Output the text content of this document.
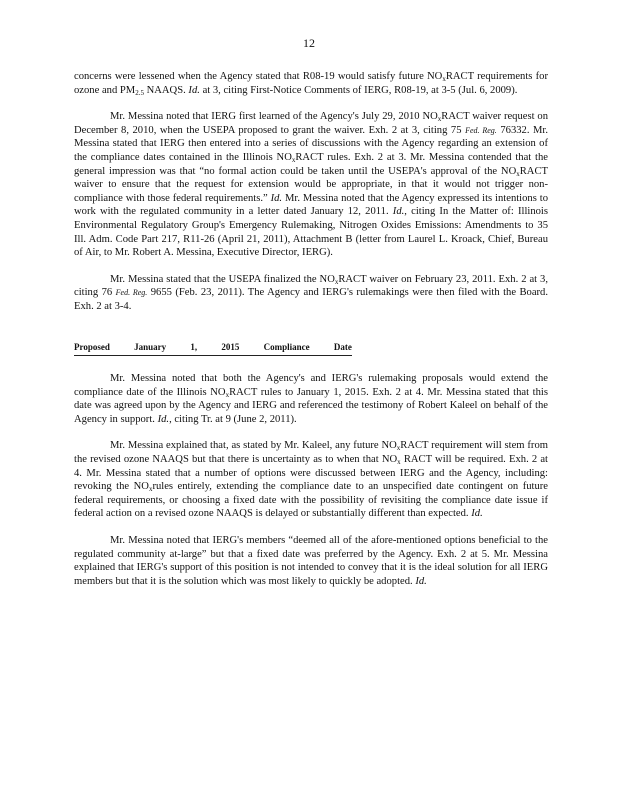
12

concerns were lessened when the Agency stated that R08-19 would satisfy future $NO_xRACT$ requirements for ozone and $PM_{2.5}$ NAAQS. Id. at 3, citing First-Notice Comments of IERG, R08-19, at 3-5 (Jul. 6, 2009).

Mr. Messina noted that IERG first learned of the Agency's July 29, 2010 $NO_xRACT$ waiver request on December 8, 2010, when the USEPA proposed to grant the waiver. Exh. 2 at 3, citing 75 Fed. Reg. 76332. Mr. Messina stated that IERG then entered into a series of discussions with the Agency regarding an extension of the compliance dates contained in the Illinois $NO_xRACT$ rules. Exh. 2 at 3. Mr. Messina contended that the general impression was that “no formal action could be taken until the USEPA's approval of the $NO_xRACT$ waiver to ensure that the request for extension would be appropriate, in that it would not trigger non-compliance with those federal requirements.” Id. Mr. Messina noted that the Agency expressed its intentions to work with the regulated community in a letter dated January 12, 2011. Id., citing In the Matter of: Illinois Environmental Regulatory Group's Emergency Rulemaking, Nitrogen Oxides Emissions: Amendments to 35 Ill. Adm. Code Part 217, R11-26 (April 21, 2011), Attachment B (letter from Laurel L. Kroack, Chief, Bureau of Air, to Mr. Robert A. Messina, Executive Director, IERG).

Mr. Messina stated that the USEPA finalized the $NO_xRACT$ waiver on February 23, 2011. Exh. 2 at 3, citing 76 Fed. Reg. 9655 (Feb. 23, 2011). The Agency and IERG's rulemakings were then filed with the Board. Exh. 2 at 3-4.

Proposed January 1, 2015 Compliance Date

Mr. Messina noted that both the Agency's and IERG's rulemaking proposals would extend the compliance date of the Illinois $NO_xRACT$ rules to January 1, 2015. Exh. 2 at 4. Mr. Messina stated that this date was agreed upon by the Agency and IERG and referenced the testimony of Robert Kaleel on behalf of the Agency in support. Id., citing Tr. at 9 (June 2, 2011).

Mr. Messina explained that, as stated by Mr. Kaleel, any future $NO_xRACT$ requirement will stem from the revised ozone NAAQS but that there is uncertainty as to when that $NO_x$ RACT will be required. Exh. 2 at 4. Mr. Messina stated that a number of options were discussed between IERG and the Agency, including: revoking the $NO_xrules$ entirely, extending the compliance date to an unspecified date contingent on future federal requirements, or choosing a fixed date with the possibility of revisiting the compliance date issue if federal action on a revised ozone NAAQS is delayed or substantially different than expected. Id.

Mr. Messina noted that IERG's members “deemed all of the afore-mentioned options beneficial to the regulated community at-large” but that a fixed date was preferred by the Agency. Exh. 2 at 5. Mr. Messina explained that IERG's support of this position is not intended to convey that it is the ideal solution for all IERG members but that it is the solution which was most likely to quickly be adopted. Id.
